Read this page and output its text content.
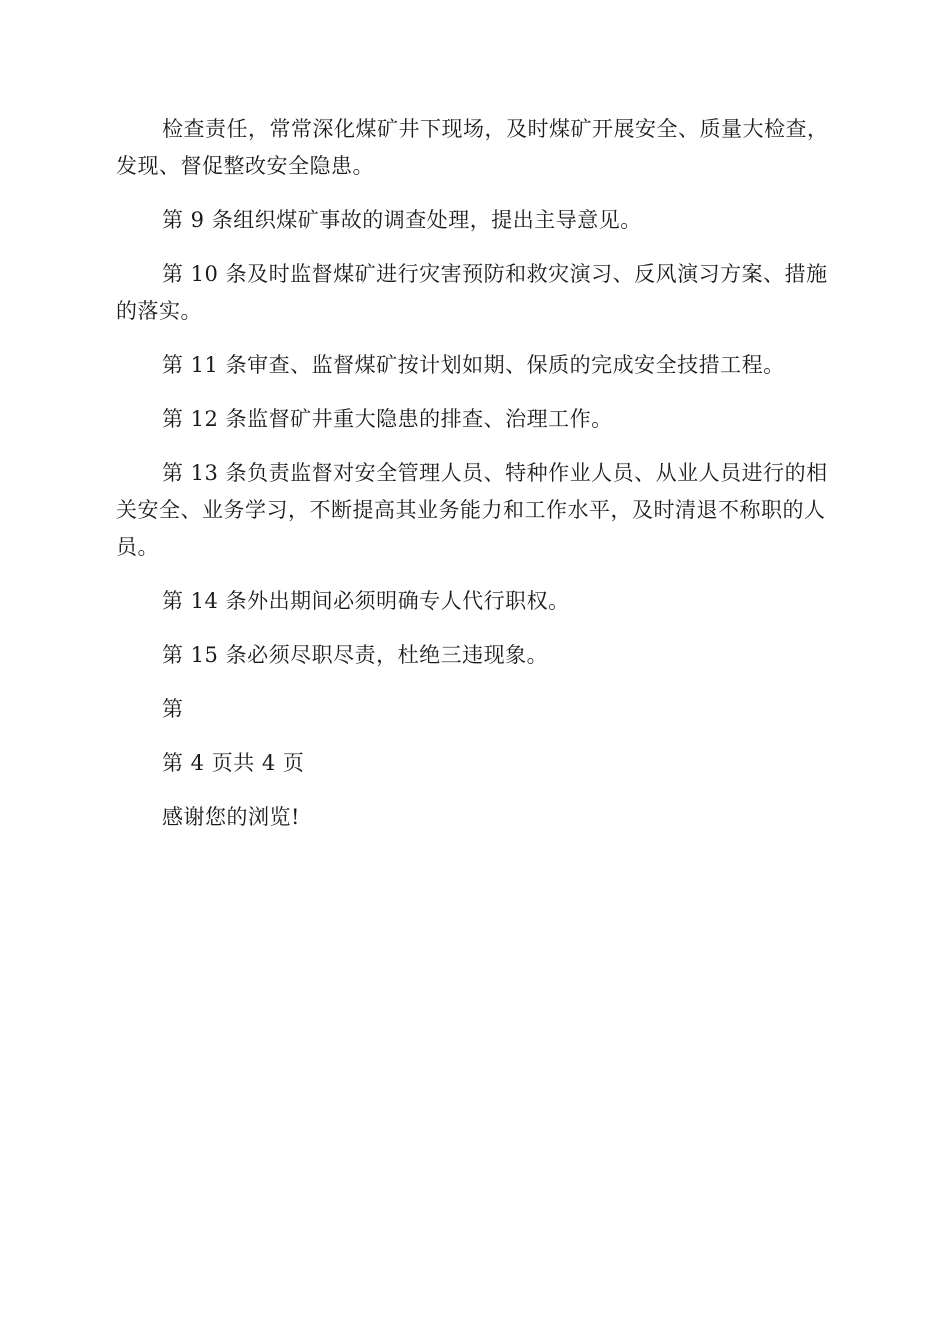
检查责任，常常深化煤矿井下现场，及时煤矿开展安全、质量大检查，发现、督促整改安全隐患。

第 9 条组织煤矿事故的调查处理，提出主导意见。

第 10 条及时监督煤矿进行灾害预防和救灾演习、反风演习方案、措施的落实。

第 11 条审查、监督煤矿按计划如期、保质的完成安全技措工程。

第 12 条监督矿井重大隐患的排查、治理工作。

第 13 条负责监督对安全管理人员、特种作业人员、从业人员进行的相关安全、业务学习，不断提高其业务能力和工作水平，及时清退不称职的人员。

第 14 条外出期间必须明确专人代行职权。

第 15 条必须尽职尽责，杜绝三违现象。

第

第 4 页共 4 页

感谢您的浏览!
